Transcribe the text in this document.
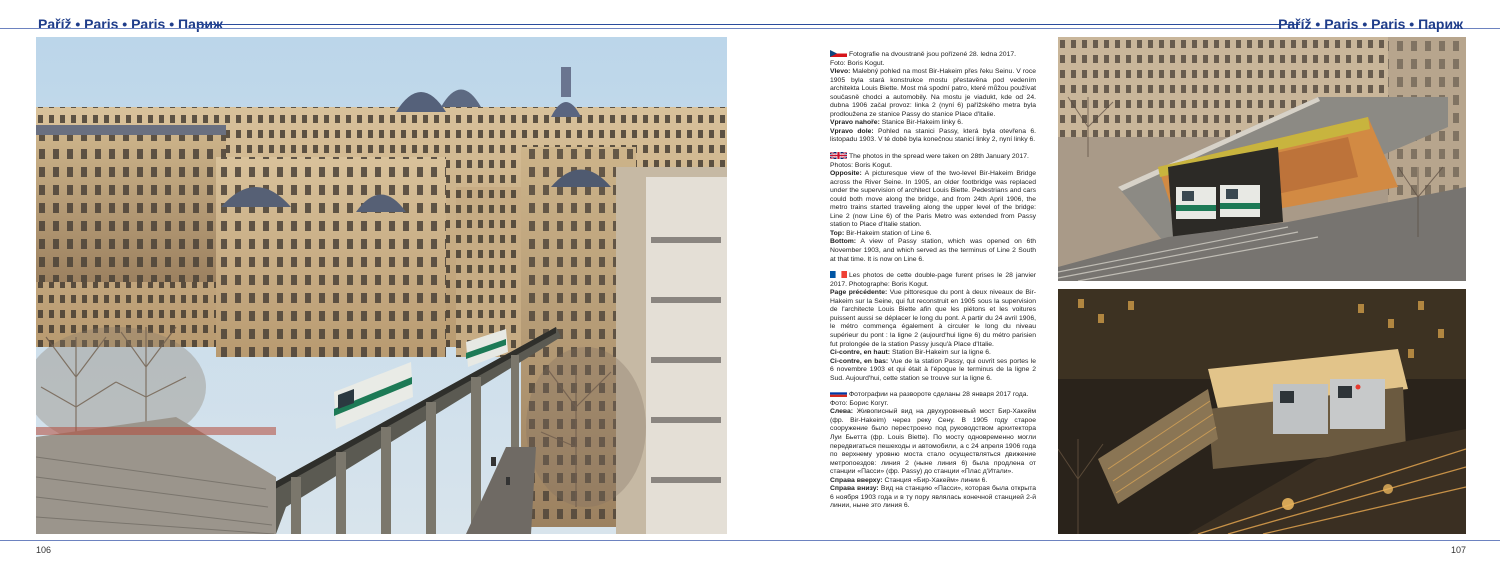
Paříž • Paris • Paris • Париж	Paříž • Paris • Paris • Париж
Fotografie na dvoustraně jsou pořízené 28. ledna 2017.
Foto: Boris Kogut.
Vlevo: Malebný pohled na most Bir-Hakeim přes řeku Seinu. V roce 1905 byla stará konstrukce mostu přestavěna pod vedením architekta Louis Biette. Most má spodní patro, které můžou používat současně chodci a automobily. Na mostu je viadukt, kde od 24. dubna 1906 začal provoz: linka 2 (nyní 6) pařížského metra byla prodloužena ze stanice Passy do stanice Place d'Italie.
Vpravo nahoře: Stanice Bir-Hakeim linky 6.
Vpravo dole: Pohled na stanici Passy, která byla otevřena 6. listopadu 1903. V té době byla konečnou stanicí linky 2, nyní linky 6.
The photos in the spread were taken on 28th January 2017.
Photos: Boris Kogut.
Opposite: A picturesque view of the two-level Bir-Hakeim Bridge across the River Seine. In 1905, an older footbridge was replaced under the supervision of architect Louis Biette. Pedestrians and cars could both move along the bridge, and from 24th April 1906, the metro trains started traveling along the upper level of the bridge: Line 2 (now Line 6) of the Paris Metro was extended from Passy station to Place d'Italie station.
Top: Bir-Hakeim station of Line 6.
Bottom: A view of Passy station, which was opened on 6th November 1903, and which served as the terminus of Line 2 South at that time. It is now on Line 6.
Les photos de cette double-page furent prises le 28 janvier 2017. Photographe: Boris Kogut.
Page précédente: Vue pittoresque du pont à deux niveaux de Bir-Hakeim sur la Seine, qui fut reconstruit en 1905 sous la supervision de l'architecte Louis Biette afin que les piétons et les voitures puissent aussi se déplacer le long du pont. A partir du 24 avril 1906, le métro commença également à circuler le long du niveau supérieur du pont : la ligne 2 (aujourd'hui ligne 6) du métro parisien fut prolongée de la station Passy jusqu'à Place d'Italie.
Ci-contre, en haut: Station Bir-Hakeim sur la ligne 6.
Ci-contre, en bas: Vue de la station Passy, qui ouvrit ses portes le 6 novembre 1903 et qui était à l'époque le terminus de la ligne 2 Sud. Aujourd'hui, cette station se trouve sur la ligne 6.
Фотографии на развороте сделаны 28 января 2017 года.
Фото: Борис Когут.
Слева: Живописный вид на двухуровневый мост Бир-Хакейм (фр. Bir-Hakeim) через реку Сену. В 1905 году старое сооружение было перестроено под руководством архитектора Луи Бьетта (фр. Louis Biette). По мосту одновременно могли передвигаться пешеходы и автомобили, а с 24 апреля 1906 года по верхнему уровню моста стало осуществляться движение метропоездов: линия 2 (ныне линия 6) была продлена от станции «Пасси» (фр. Passy) до станции «Плас д'Итали».
Справа вверху: Станция «Бир-Хакейм» линии 6.
Справа внизу: Вид на станцию «Пасси», которая была открыта 6 ноября 1903 года и в ту пору являлась конечной станцией 2-й линии, ныне это линия 6.
106	107
